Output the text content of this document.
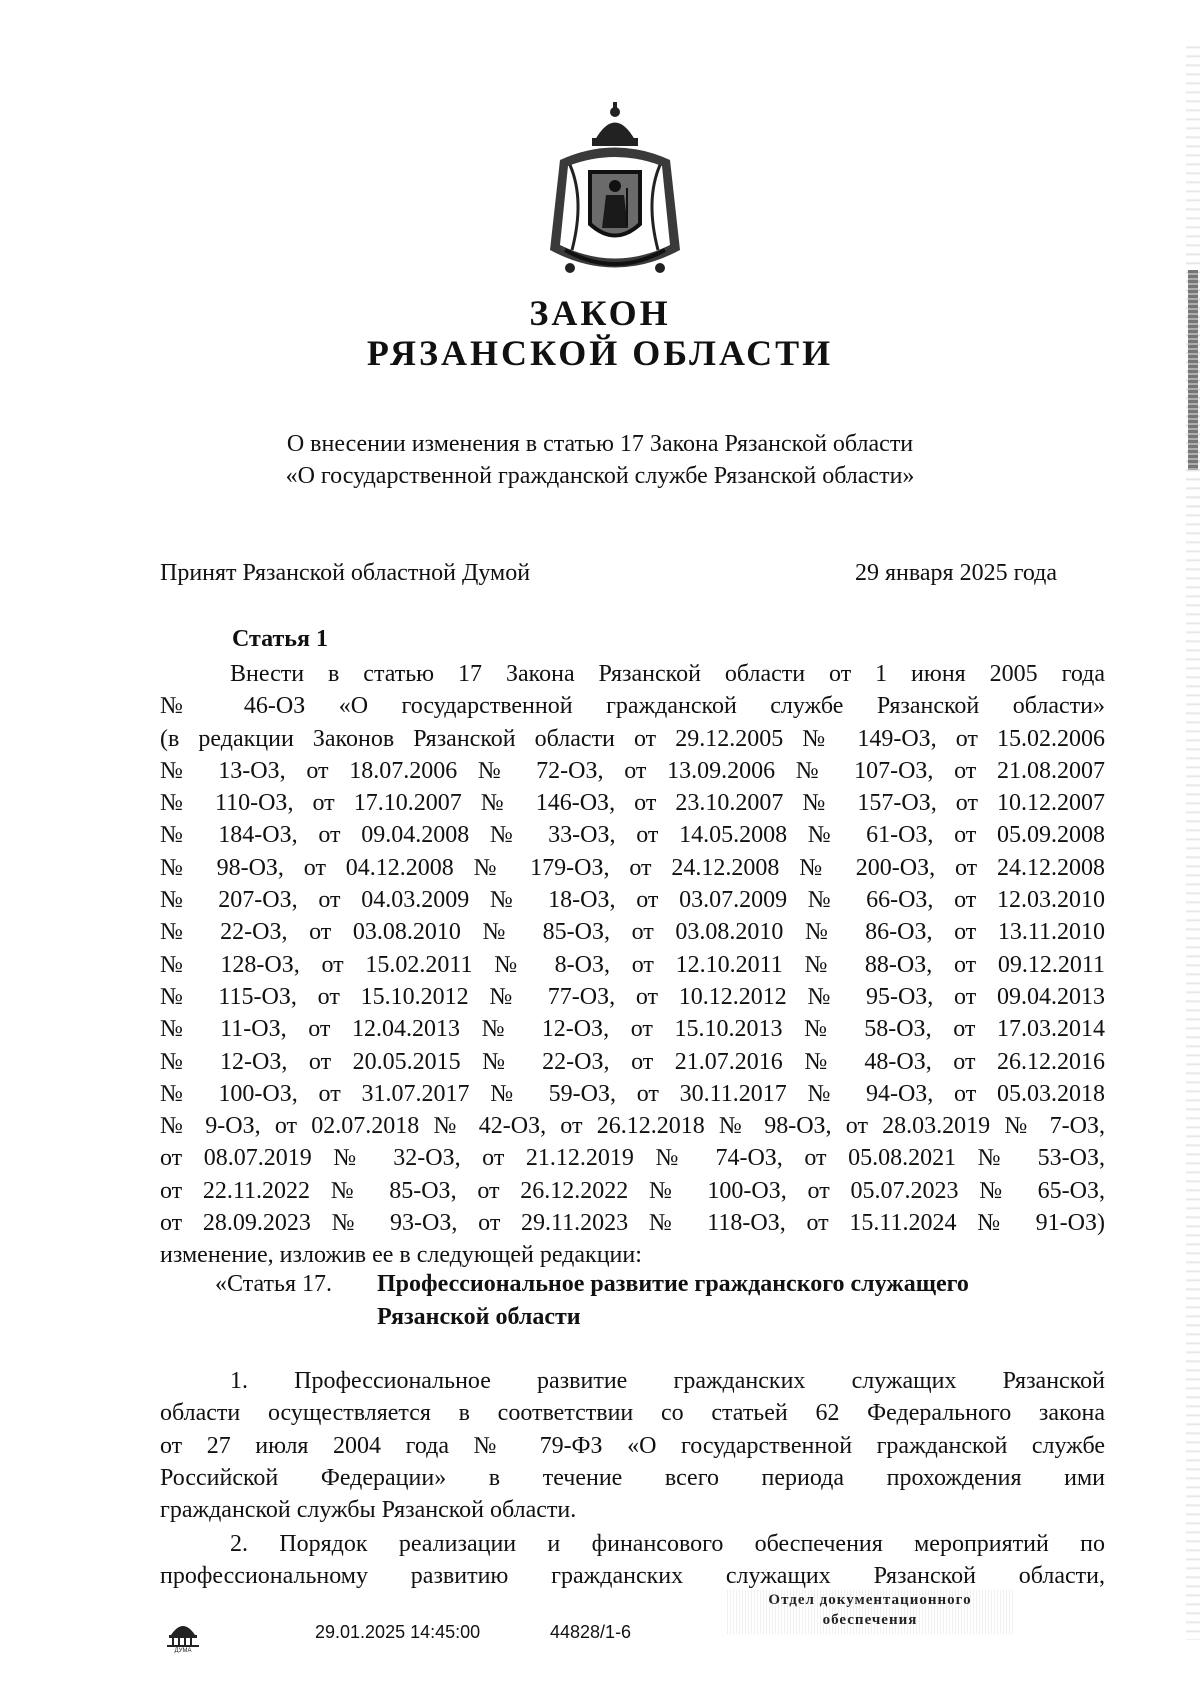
ЗАКОН
РЯЗАНСКОЙ ОБЛАСТИ
О внесении изменения в статью 17 Закона Рязанской области
«О государственной гражданской службе Рязанской области»
Принят Рязанской областной Думой	29 января 2025 года
Статья 1
Внести в статью 17 Закона Рязанской области от 1 июня 2005 года
№ 46-ОЗ «О государственной гражданской службе Рязанской области»
(в редакции Законов Рязанской области от 29.12.2005 № 149-ОЗ, от 15.02.2006
№ 13-ОЗ, от 18.07.2006 № 72-ОЗ, от 13.09.2006 № 107-ОЗ, от 21.08.2007
№ 110-ОЗ, от 17.10.2007 № 146-ОЗ, от 23.10.2007 № 157-ОЗ, от 10.12.2007
№ 184-ОЗ, от 09.04.2008 № 33-ОЗ, от 14.05.2008 № 61-ОЗ, от 05.09.2008
№ 98-ОЗ, от 04.12.2008 № 179-ОЗ, от 24.12.2008 № 200-ОЗ, от 24.12.2008
№ 207-ОЗ, от 04.03.2009 № 18-ОЗ, от 03.07.2009 № 66-ОЗ, от 12.03.2010
№ 22-ОЗ, от 03.08.2010 № 85-ОЗ, от 03.08.2010 № 86-ОЗ, от 13.11.2010
№ 128-ОЗ, от 15.02.2011 № 8-ОЗ, от 12.10.2011 № 88-ОЗ, от 09.12.2011
№ 115-ОЗ, от 15.10.2012 № 77-ОЗ, от 10.12.2012 № 95-ОЗ, от 09.04.2013
№ 11-ОЗ, от 12.04.2013 № 12-ОЗ, от 15.10.2013 № 58-ОЗ, от 17.03.2014
№ 12-ОЗ, от 20.05.2015 № 22-ОЗ, от 21.07.2016 № 48-ОЗ, от 26.12.2016
№ 100-ОЗ, от 31.07.2017 № 59-ОЗ, от 30.11.2017 № 94-ОЗ, от 05.03.2018
№ 9-ОЗ, от 02.07.2018 № 42-ОЗ, от 26.12.2018 № 98-ОЗ, от 28.03.2019 № 7-ОЗ,
от 08.07.2019 № 32-ОЗ, от 21.12.2019 № 74-ОЗ, от 05.08.2021 № 53-ОЗ,
от 22.11.2022 № 85-ОЗ, от 26.12.2022 № 100-ОЗ, от 05.07.2023 № 65-ОЗ,
от 28.09.2023 № 93-ОЗ, от 29.11.2023 № 118-ОЗ, от 15.11.2024 № 91-ОЗ)
изменение, изложив ее в следующей редакции:
«Статья 17. Профессиональное развитие гражданского служащего
Рязанской области
1. Профессиональное развитие гражданских служащих Рязанской
области осуществляется в соответствии со статьей 62 Федерального закона
от 27 июля 2004 года № 79-ФЗ «О государственной гражданской службе
Российской Федерации» в течение всего периода прохождения ими
гражданской службы Рязанской области.
2. Порядок реализации и финансового обеспечения мероприятий по
профессиональному развитию гражданских служащих Рязанской области,
ДУМА
29.01.2025 14:45:00	44828/1-6
Отдел документационного
обеспечения
